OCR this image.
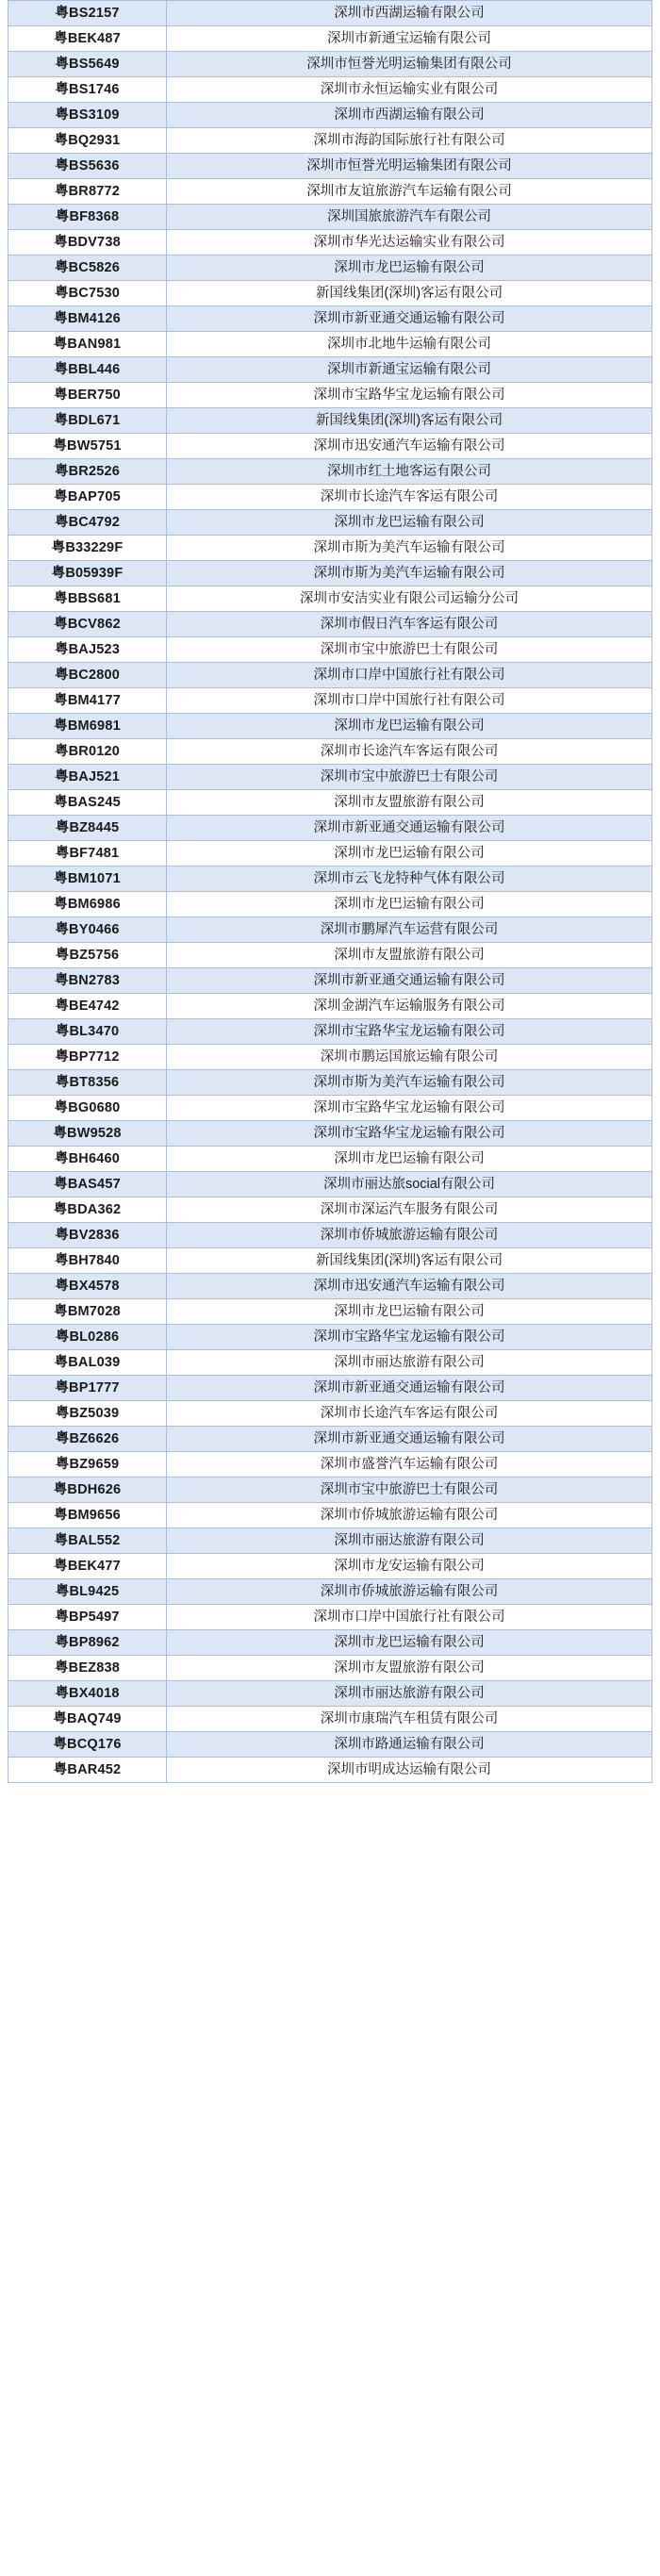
粤BS2157	深圳市西湖运输有限公司
粤BEK487	深圳市新通宝运输有限公司
粤BS5649	深圳市恒誉光明运输集团有限公司
粤BS1746	深圳市永恒运输实业有限公司
粤BS3109	深圳市西湖运输有限公司
粤BQ2931	深圳市海韵国际旅行社有限公司
粤BS5636	深圳市恒誉光明运输集团有限公司
粤BR8772	深圳市友谊旅游汽车运输有限公司
粤BF8368	深圳国旅旅游汽车有限公司
粤BDV738	深圳市华光达运输实业有限公司
粤BC5826	深圳市龙巴运输有限公司
粤BC7530	新国线集团(深圳)客运有限公司
粤BM4126	深圳市新亚通交通运输有限公司
粤BAN981	深圳市北地牛运输有限公司
粤BBL446	深圳市新通宝运输有限公司
粤BER750	深圳市宝路华宝龙运输有限公司
粤BDL671	新国线集团(深圳)客运有限公司
粤BW5751	深圳市迅安通汽车运输有限公司
粤BR2526	深圳市红土地客运有限公司
粤BAP705	深圳市长途汽车客运有限公司
粤BC4792	深圳市龙巴运输有限公司
粤B33229F	深圳市斯为美汽车运输有限公司
粤B05939F	深圳市斯为美汽车运输有限公司
粤BBS681	深圳市安洁实业有限公司运输分公司
粤BCV862	深圳市假日汽车客运有限公司
粤BAJ523	深圳市宝中旅游巴士有限公司
粤BC2800	深圳市口岸中国旅行社有限公司
粤BM4177	深圳市口岸中国旅行社有限公司
粤BM6981	深圳市龙巴运输有限公司
粤BR0120	深圳市长途汽车客运有限公司
粤BAJ521	深圳市宝中旅游巴士有限公司
粤BAS245	深圳市友盟旅游有限公司
粤BZ8445	深圳市新亚通交通运输有限公司
粤BF7481	深圳市龙巴运输有限公司
粤BM1071	深圳市云飞龙特种气体有限公司
粤BM6986	深圳市龙巴运输有限公司
粤BY0466	深圳市鹏犀汽车运营有限公司
粤BZ5756	深圳市友盟旅游有限公司
粤BN2783	深圳市新亚通交通运输有限公司
粤BE4742	深圳金湖汽车运输服务有限公司
粤BL3470	深圳市宝路华宝龙运输有限公司
粤BP7712	深圳市鹏运国旅运输有限公司
粤BT8356	深圳市斯为美汽车运输有限公司
粤BG0680	深圳市宝路华宝龙运输有限公司
粤BW9528	深圳市宝路华宝龙运输有限公司
粤BH6460	深圳市龙巴运输有限公司
粤BAS457	深圳市丽达旅social有限公司
粤BDA362	深圳市深运汽车服务有限公司
粤BV2836	深圳市侨城旅游运输有限公司
粤BH7840	新国线集团(深圳)客运有限公司
粤BX4578	深圳市迅安通汽车运输有限公司
粤BM7028	深圳市龙巴运输有限公司
粤BL0286	深圳市宝路华宝龙运输有限公司
粤BAL039	深圳市丽达旅游有限公司
粤BP1777	深圳市新亚通交通运输有限公司
粤BZ5039	深圳市长途汽车客运有限公司
粤BZ6626	深圳市新亚通交通运输有限公司
粤BZ9659	深圳市盛誉汽车运输有限公司
粤BDH626	深圳市宝中旅游巴士有限公司
粤BM9656	深圳市侨城旅游运输有限公司
粤BAL552	深圳市丽达旅游有限公司
粤BEK477	深圳市龙安运输有限公司
粤BL9425	深圳市侨城旅游运输有限公司
粤BP5497	深圳市口岸中国旅行社有限公司
粤BP8962	深圳市龙巴运输有限公司
粤BEZ838	深圳市友盟旅游有限公司
粤BX4018	深圳市丽达旅游有限公司
粤BAQ749	深圳市康瑞汽车租赁有限公司
粤BCQ176	深圳市路通运输有限公司
粤BAR452	深圳市明成达运输有限公司
